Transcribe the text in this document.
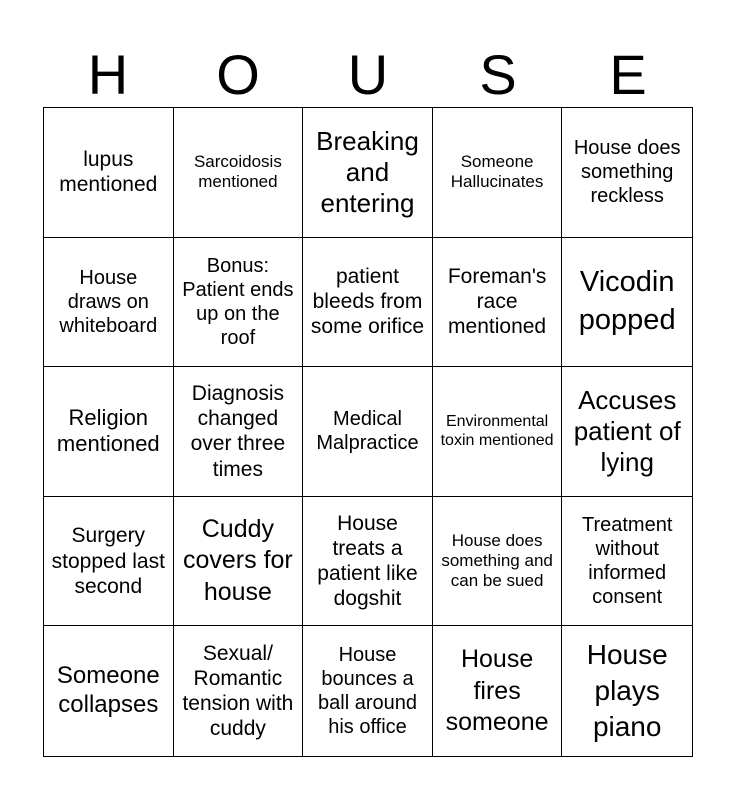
H	O	U	S	E
lupus mentioned
Sarcoidosis mentioned
Breaking and entering
Someone Hallucinates
House does something reckless
House draws on whiteboard
Bonus: Patient ends up on the roof
patient bleeds from some orifice
Foreman's race mentioned
Vicodin popped
Religion mentioned
Diagnosis changed over three times
Medical Malpractice
Environmental toxin mentioned
Accuses patient of lying
Surgery stopped last second
Cuddy covers for house
House treats a patient like dogshit
House does something and can be sued
Treatment without informed consent
Someone collapses
Sexual/ Romantic tension with cuddy
House bounces a ball around his office
House fires someone
House plays piano
